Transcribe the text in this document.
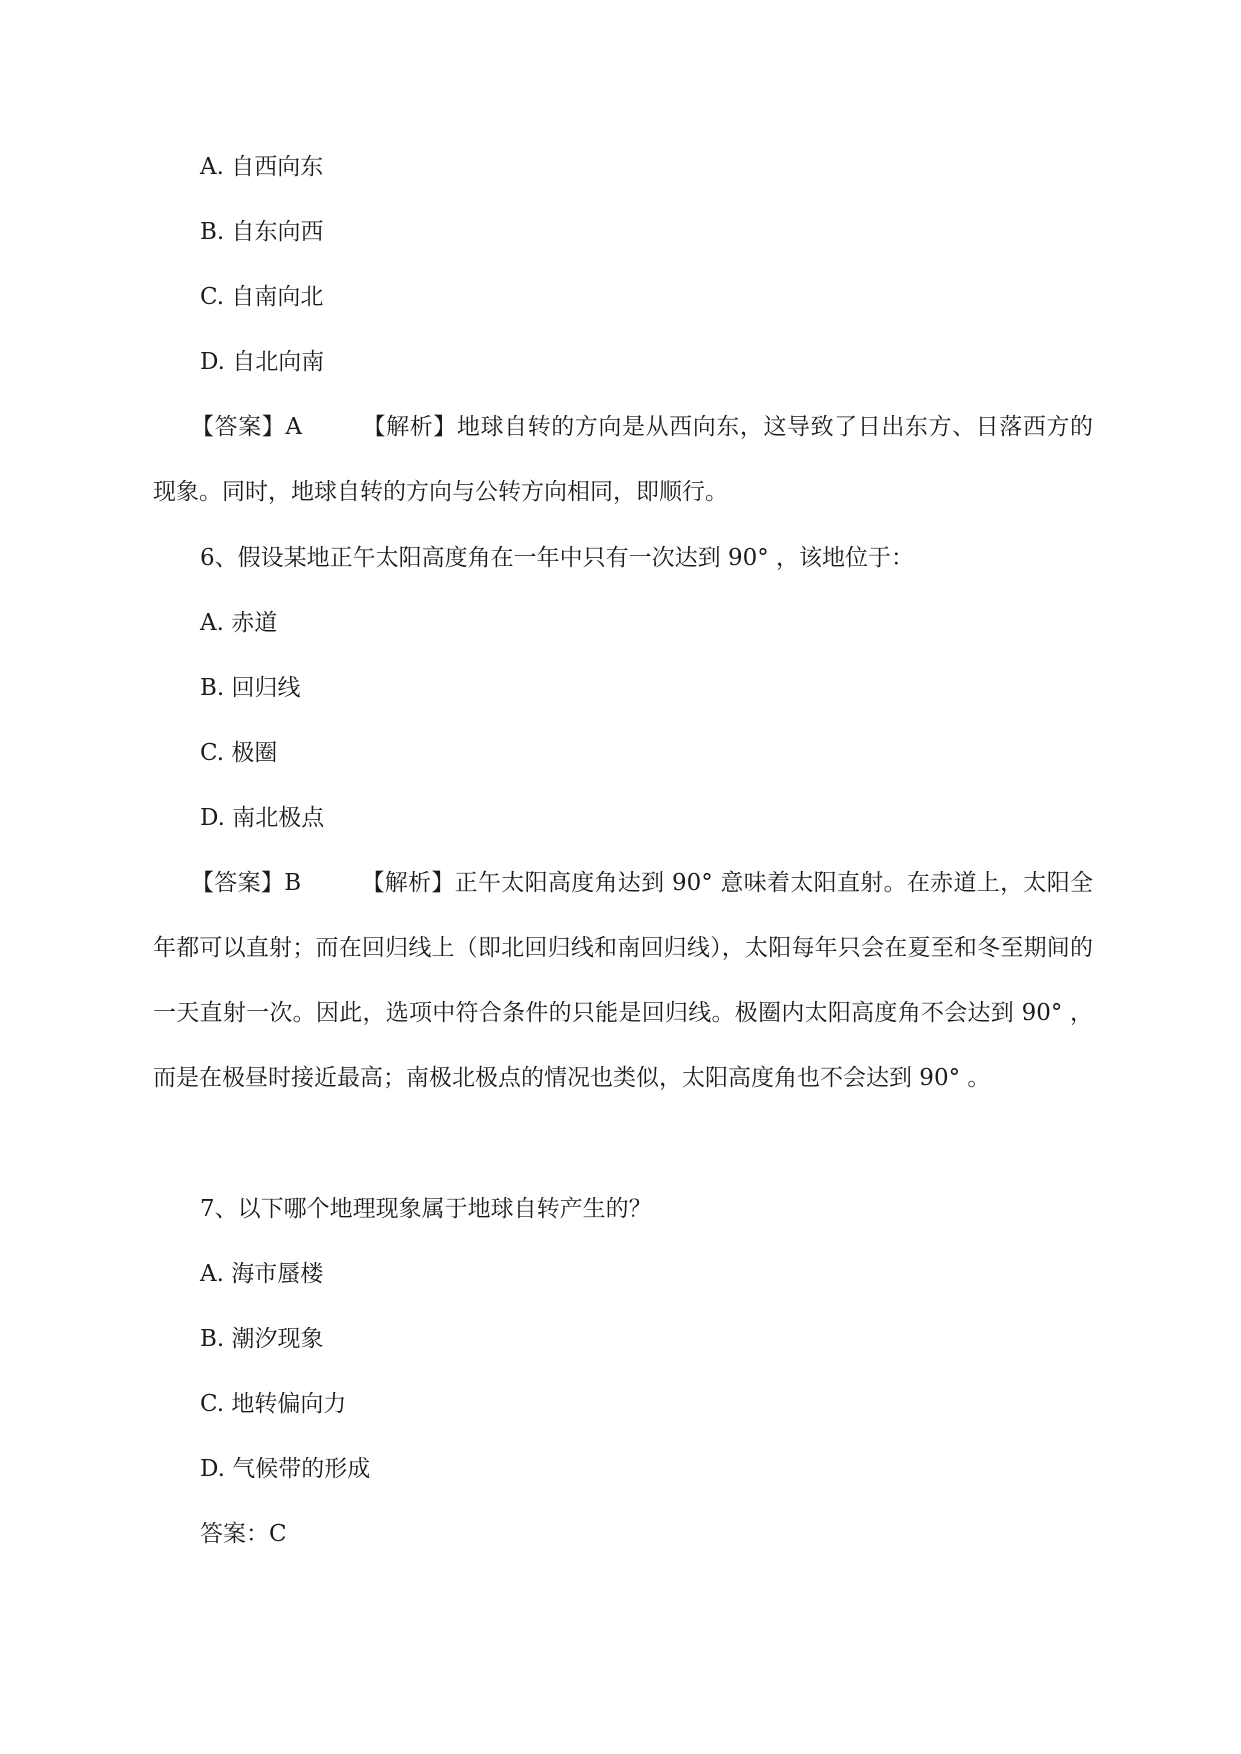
A. 自西向东
B. 自东向西
C. 自南向北
D. 自北向南

【答案】A	【解析】地球自转的方向是从西向东，这导致了日出东方、日落西方的现象。同时，地球自转的方向与公转方向相同，即顺行。

6、假设某地正午太阳高度角在一年中只有一次达到 90° ，该地位于：
A. 赤道
B. 回归线
C. 极圈
D. 南北极点

【答案】B	【解析】正午太阳高度角达到 90° 意味着太阳直射。在赤道上，太阳全年都可以直射；而在回归线上（即北回归线和南回归线），太阳每年只会在夏至和冬至期间的一天直射一次。因此，选项中符合条件的只能是回归线。极圈内太阳高度角不会达到 90° ，而是在极昼时接近最高；南极北极点的情况也类似，太阳高度角也不会达到 90° 。

7、以下哪个地理现象属于地球自转产生的？
A. 海市蜃楼
B. 潮汐现象
C. 地转偏向力
D. 气候带的形成
答案：C
